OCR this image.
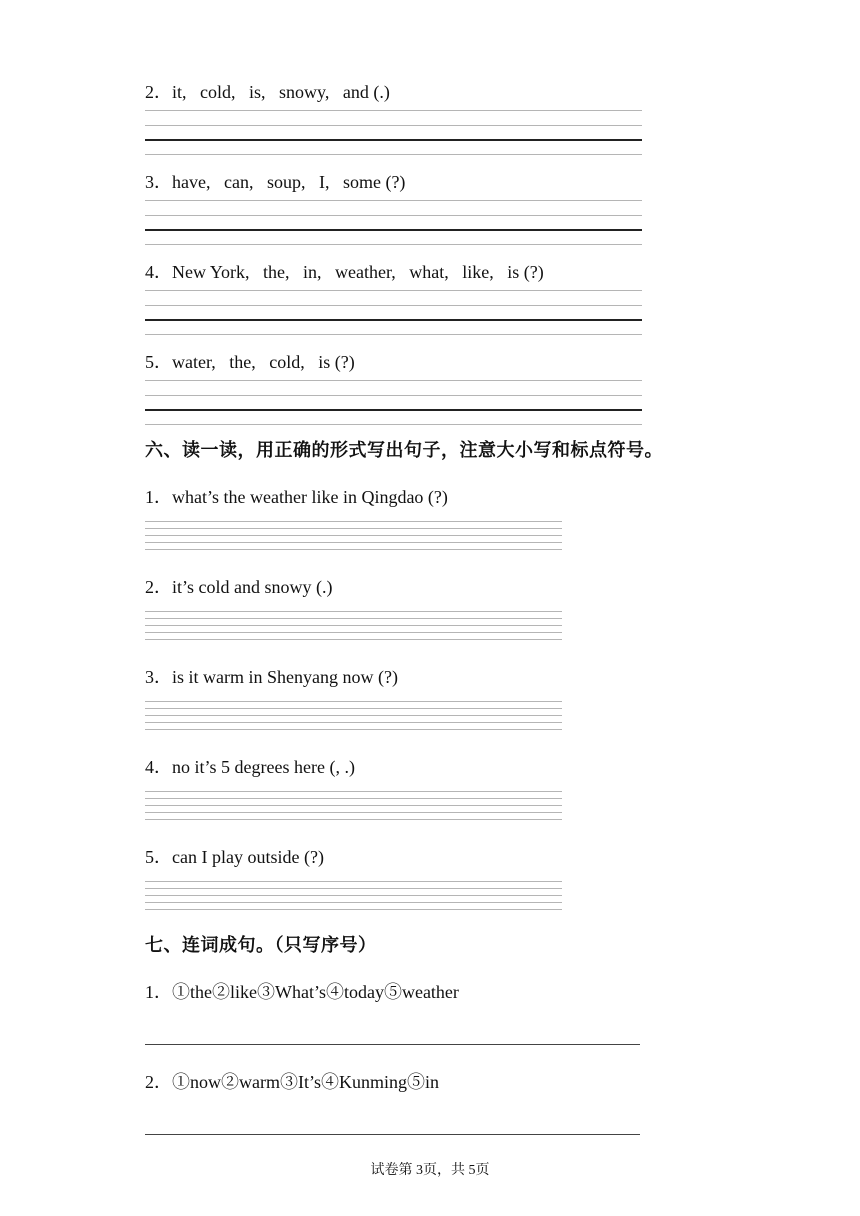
2．it,   cold,   is,   snowy,   and (.)
3．have,   can,   soup,   I,   some (?)
4．New York,   the,   in,   weather,   what,   like,   is (?)
5．water,   the,   cold,   is (?)
六、读一读，用正确的形式写出句子，注意大小写和标点符号。
1．what’s the weather like in Qingdao (?)
2．it’s cold and snowy (.)
3．is it warm in Shenyang now (?)
4．no it’s 5 degrees here (, .)
5．can I play outside (?)
七、连词成句。（只写序号）
1．①the②like③What’s④today⑤weather
2．①now②warm③It’s④Kunming⑤in
试卷第 3页，共 5页
